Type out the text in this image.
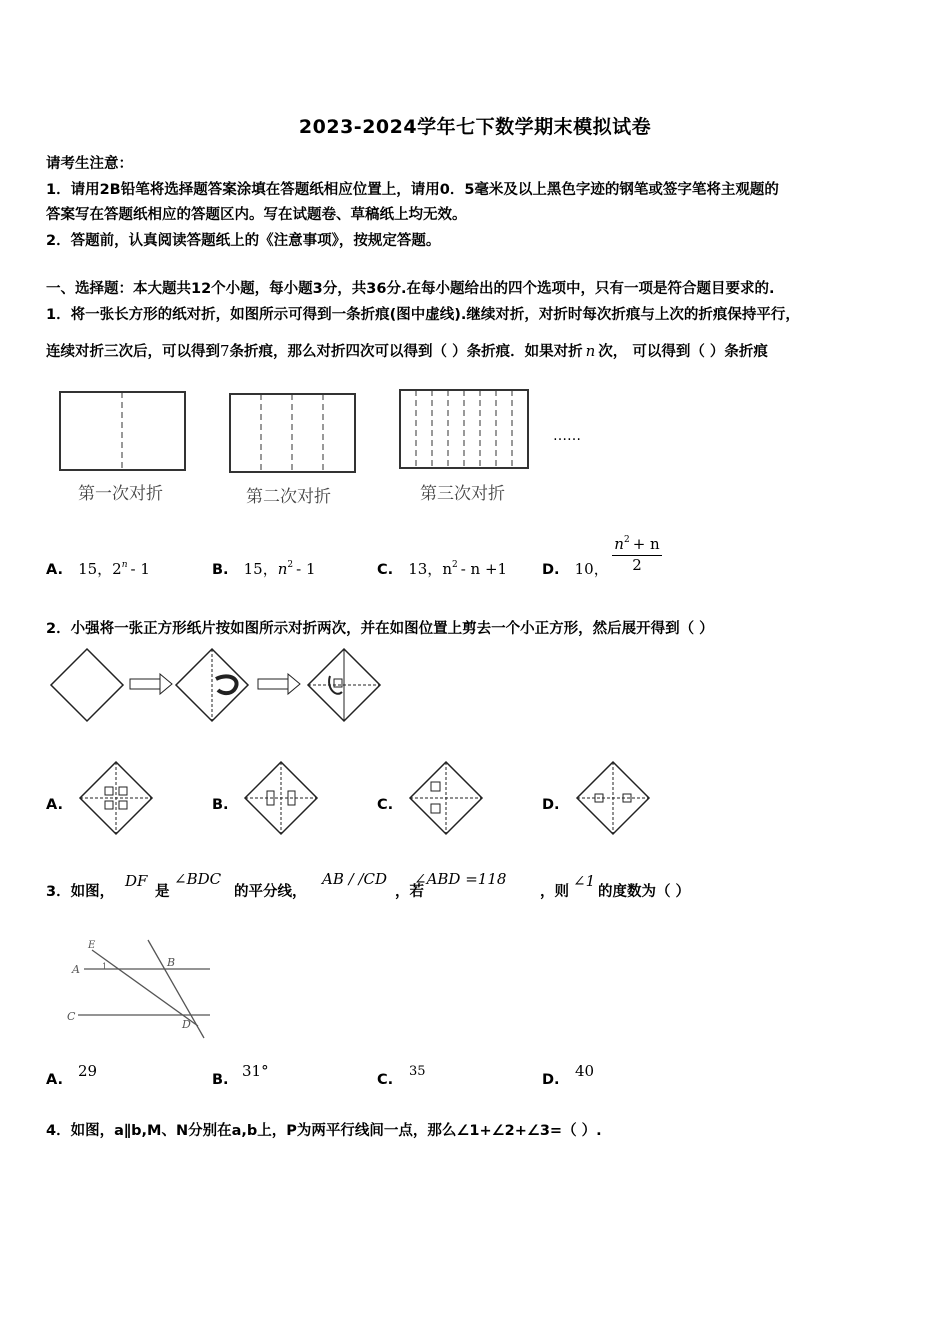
2023-2024学年七下数学期末模拟试卷
请考生注意：
1．请用2B铅笔将选择题答案涂填在答题纸相应位置上，请用0．5毫米及以上黑色字迹的钢笔或签字笔将主观题的
答案写在答题纸相应的答题区内。写在试题卷、草稿纸上均无效。
2．答题前，认真阅读答题纸上的《注意事项》，按规定答题。
一、选择题：本大题共12个小题，每小题3分，共36分.在每小题给出的四个选项中，只有一项是符合题目要求的.
1．将一张长方形的纸对折，如图所示可得到一条折痕(图中虚线).继续对折，对折时每次折痕与上次的折痕保持平行，
连续对折三次后，可以得到7条折痕，那么对折四次可以得到（ ）条折痕．如果对折 n 次， 可以得到（ ）条折痕
……
第一次对折	第二次对折	第三次对折
A. 15，2$^n$ - 1	B. 15，$n^2 - 1$	C. 13，$n^2 - n +1$ D. 10，
$n^2 + n$
2
2．小强将一张正方形纸片按如图所示对折两次，并在如图位置上剪去一个小正方形，然后展开得到（ ）
A.	B.	C.	D.
3．如图，
DF
是
∠BDC
的平分线，
AB / /CD
，若
∠ABD =118
，则
∠1
的度数为（ ）
E
A	1	B
C
D
A. 29	B. 31°	C.
35
D. 40
4．如图，a∥b,M、N分别在a,b上，P为两平行线间一点，那么∠1+∠2+∠3=（ ）.
